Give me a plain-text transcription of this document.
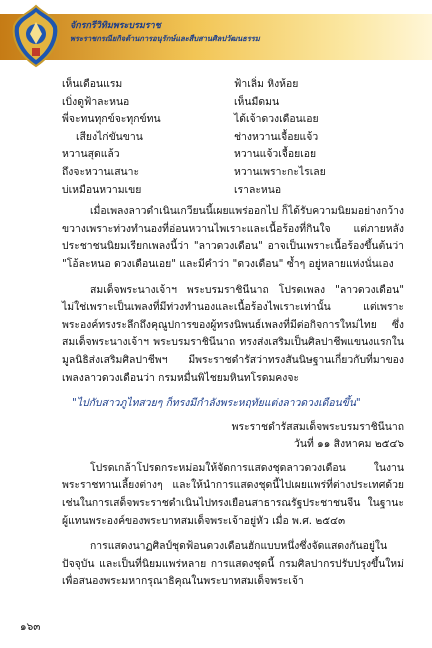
จักรกรีวิทิมพระบรมราช
พระราชกรณียกิจด้านการอนุรักษ์และสืบสานศิลปวัฒนธรรม
เห็นเดือนแรม	ฟ้าเลิ่ม หิงห้อย
เบิ่งดูฟ้าละหนอ	เห็นมืดมน
พี่จะทนทุกข์จะทุกข์ทน	ได้เจ้าดวงเดือนเอย
เสียงไก่ขันขาน	ช่างหวานเจื้อยแจ้ว
หวานสุดแล้ว	หวานแจ้วเจื้อยเอย
ถึงจะหวานเสนาะ	หวานเพราะกะไรเลย
บ่เหมือนหวามเขย	เราละหนอ

เมื่อเพลงลาวดำเนินเกวียนนี้เผยแพร่ออกไป ก็ได้รับความนิยมอย่างกว้างขวางเพราะท่วงทำนองที่อ่อนหวานไพเราะและเนื้อร้องที่กินใจ แต่ภายหลังประชาชนนิยมเรียกเพลงนี้ว่า "ลาวดวงเดือน" อาจเป็นเพราะเนื้อร้องขึ้นต้นว่า "โอ้ละหนอ ดวงเดือนเอย" และมีคำว่า "ดวงเดือน" ซ้ำๆ อยู่หลายแห่งนั่นเอง

สมเด็จพระนางเจ้าฯ พระบรมราชินีนาถ โปรดเพลง "ลาวดวงเดือน" ไม่ใช่เพราะเป็นเพลงที่มีท่วงทำนองและเนื้อร้องไพเราะเท่านั้น แต่เพราะพระองค์ทรงระลึกถึงคุณูปการของผู้ทรงนิพนธ์เพลงที่มีต่อกิจการใหม่ไทย ซึ่งสมเด็จพระนางเจ้าฯ พระบรมราชินีนาถ ทรงส่งเสริมเป็นศิลปาชีพแขนงแรกในมูลนิธิส่งเสริมศิลปาชีพฯ มีพระราชดำรัสว่าทรงสันนิษฐานเกี่ยวกับที่มาของเพลงลาวดวงเดือนว่า กรมหมื่นพิไชยมหินทโรดมคงจะ

"ไปกับสาวภูไทสวยๆ ก็ทรงมีกำลังพระหฤทัยแต่งลาวดวงเดือนขึ้น"

พระราชดำรัสสมเด็จพระบรมราชินีนาถ
วันที่ ๑๑ สิงหาคม ๒๕๔๖

โปรดเกล้าโปรดกระหม่อมให้จัดการแสดงชุดลาวดวงเดือน ในงานพระราชทานเลี้ยงต่างๆ และให้นำการแสดงชุดนี้ไปเผยแพร่ที่ต่างประเทศด้วย เช่นในการเสด็จพระราชดำเนินไปทรงเยือนสาธารณรัฐประชาชนจีน ในฐานะผู้แทนพระองค์ของพระบาทสมเด็จพระเจ้าอยู่หัว เมื่อ พ.ศ. ๒๕๔๓

การแสดงนาฏศิลป์ชุดฟ้อนดวงเดือนฮักแบบหนึ่งซึ่งจัดแสดงกันอยู่ในปัจจุบัน และเป็นที่นิยมแพร่หลาย การแสดงชุดนี้ กรมศิลปากรปรับปรุงขึ้นใหม่เพื่อสนองพระมหากรุณาธิคุณในพระบาทสมเด็จพระเจ้า

๑๖๓
